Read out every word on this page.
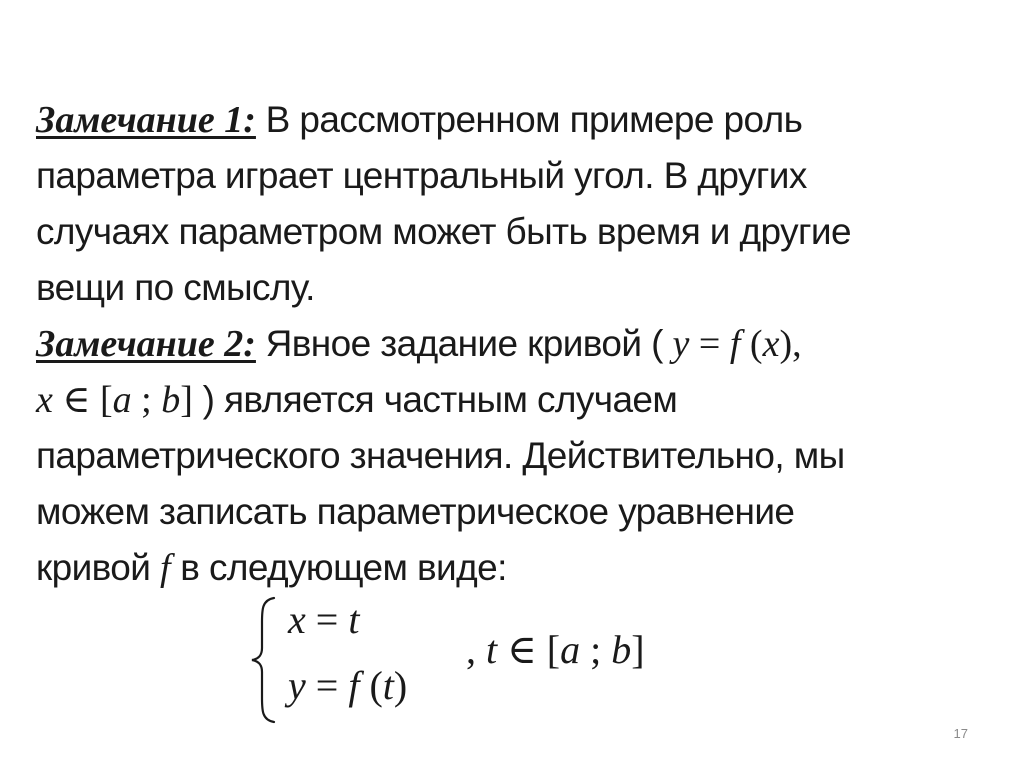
Замечание 1: В рассмотренном примере роль
параметра играет центральный угол. В других
случаях параметром может быть время и другие
вещи по смыслу.
Замечание 2: Явное задание кривой ( y = f (x),
x ∈ [a ; b] ) является частным случаем
параметрического значения. Действительно, мы
можем записать параметрическое уравнение
кривой f в следующем виде:
x = t
y = f (t)
, t ∈ [a ; b]
17
